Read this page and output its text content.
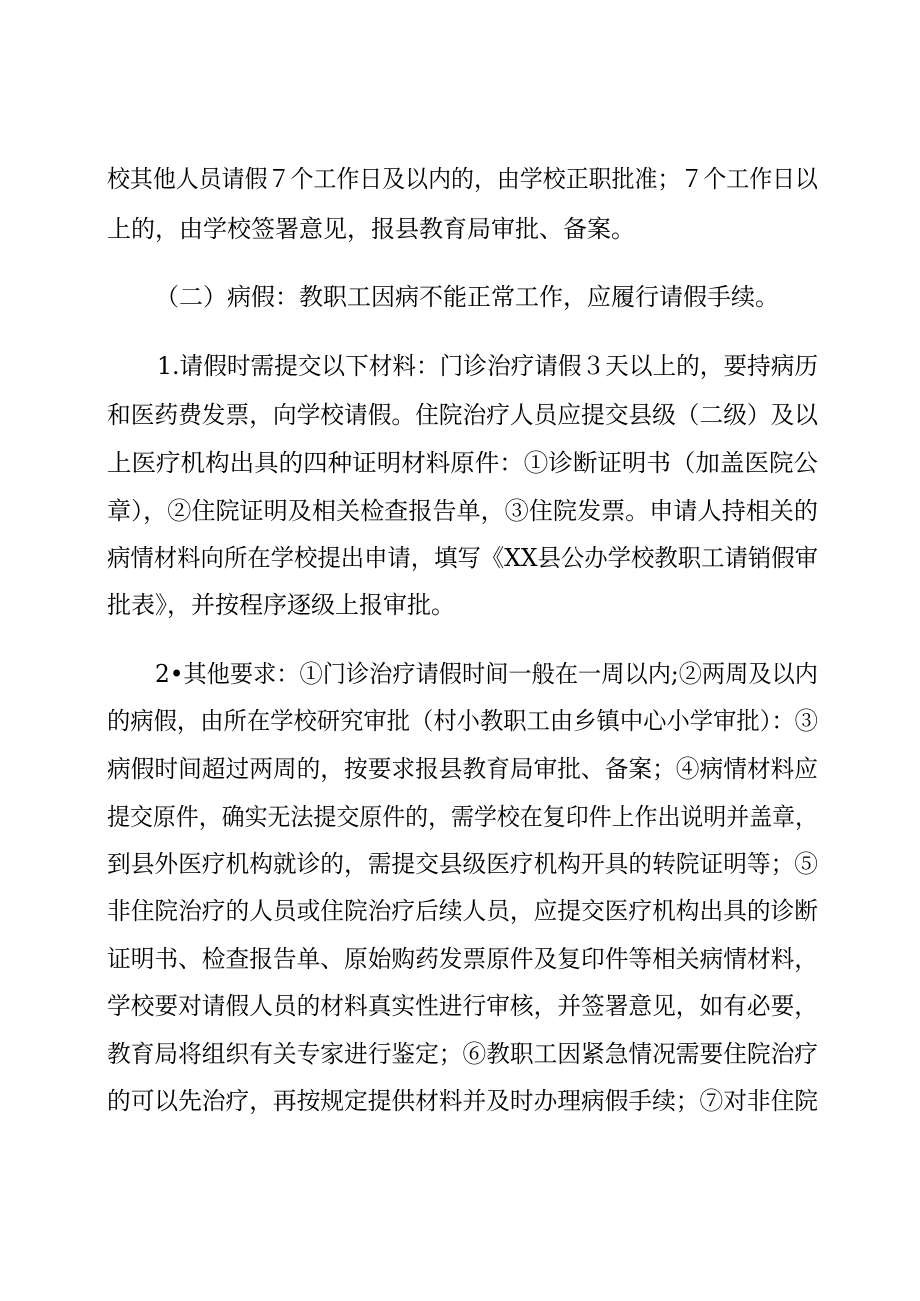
校其他人员请假７个工作日及以内的，由学校正职批准；７个工作日以
上的，由学校签署意见，报县教育局审批、备案。
（二）病假：教职工因病不能正常工作，应履行请假手续。
1.请假时需提交以下材料：门诊治疗请假３天以上的，要持病历
和医药费发票，向学校请假。住院治疗人员应提交县级（二级）及以
上医疗机构出具的四种证明材料原件：①诊断证明书（加盖医院公
章），②住院证明及相关检查报告单，③住院发票。申请人持相关的
病情材料向所在学校提出申请，填写《XX县公办学校教职工请销假审
批表》，并按程序逐级上报审批。
2•其他要求：①门诊治疗请假时间一般在一周以内;②两周及以内
的病假，由所在学校研究审批（村小教职工由乡镇中心小学审批）：③
病假时间超过两周的，按要求报县教育局审批、备案；④病情材料应
提交原件，确实无法提交原件的，需学校在复印件上作出说明并盖章，
到县外医疗机构就诊的，需提交县级医疗机构开具的转院证明等；⑤
非住院治疗的人员或住院治疗后续人员，应提交医疗机构出具的诊断
证明书、检查报告单、原始购药发票原件及复印件等相关病情材料，
学校要对请假人员的材料真实性进行审核，并签署意见，如有必要，
教育局将组织有关专家进行鉴定；⑥教职工因紧急情况需要住院治疗
的可以先治疗，再按规定提供材料并及时办理病假手续；⑦对非住院
